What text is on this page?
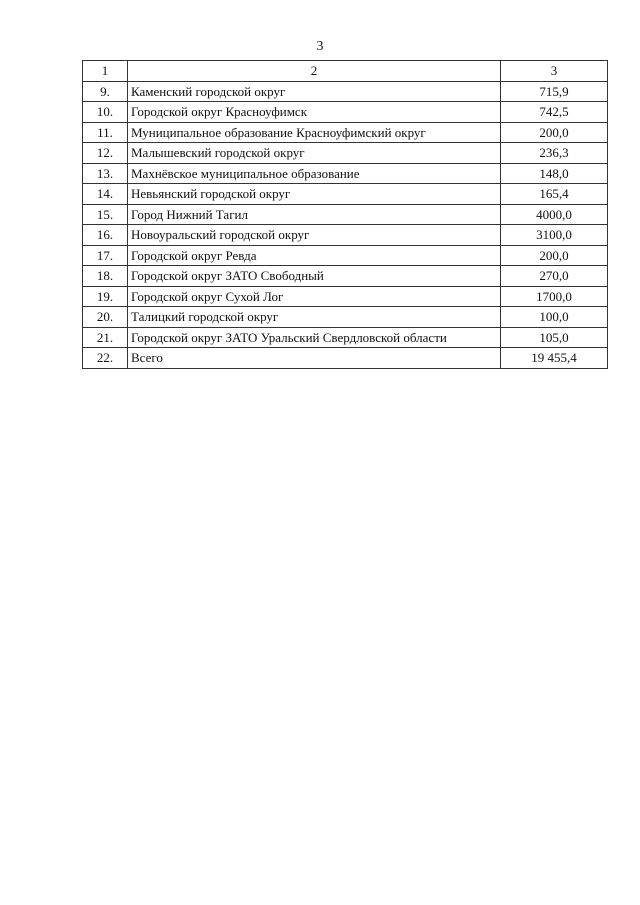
3
1	2	3
9.	Каменский городской округ	715,9
10.	Городской округ Красноуфимск	742,5
11.	Муниципальное образование Красноуфимский округ	200,0
12.	Малышевский городской округ	236,3
13.	Махнёвское муниципальное образование	148,0
14.	Невьянский городской округ	165,4
15.	Город Нижний Тагил	4000,0
16.	Новоуральский городской округ	3100,0
17.	Городской округ Ревда	200,0
18.	Городской округ ЗАТО Свободный	270,0
19.	Городской округ Сухой Лог	1700,0
20.	Талицкий городской округ	100,0
21.	Городской округ ЗАТО Уральский Свердловской области	105,0
22.	Всего	19 455,4
